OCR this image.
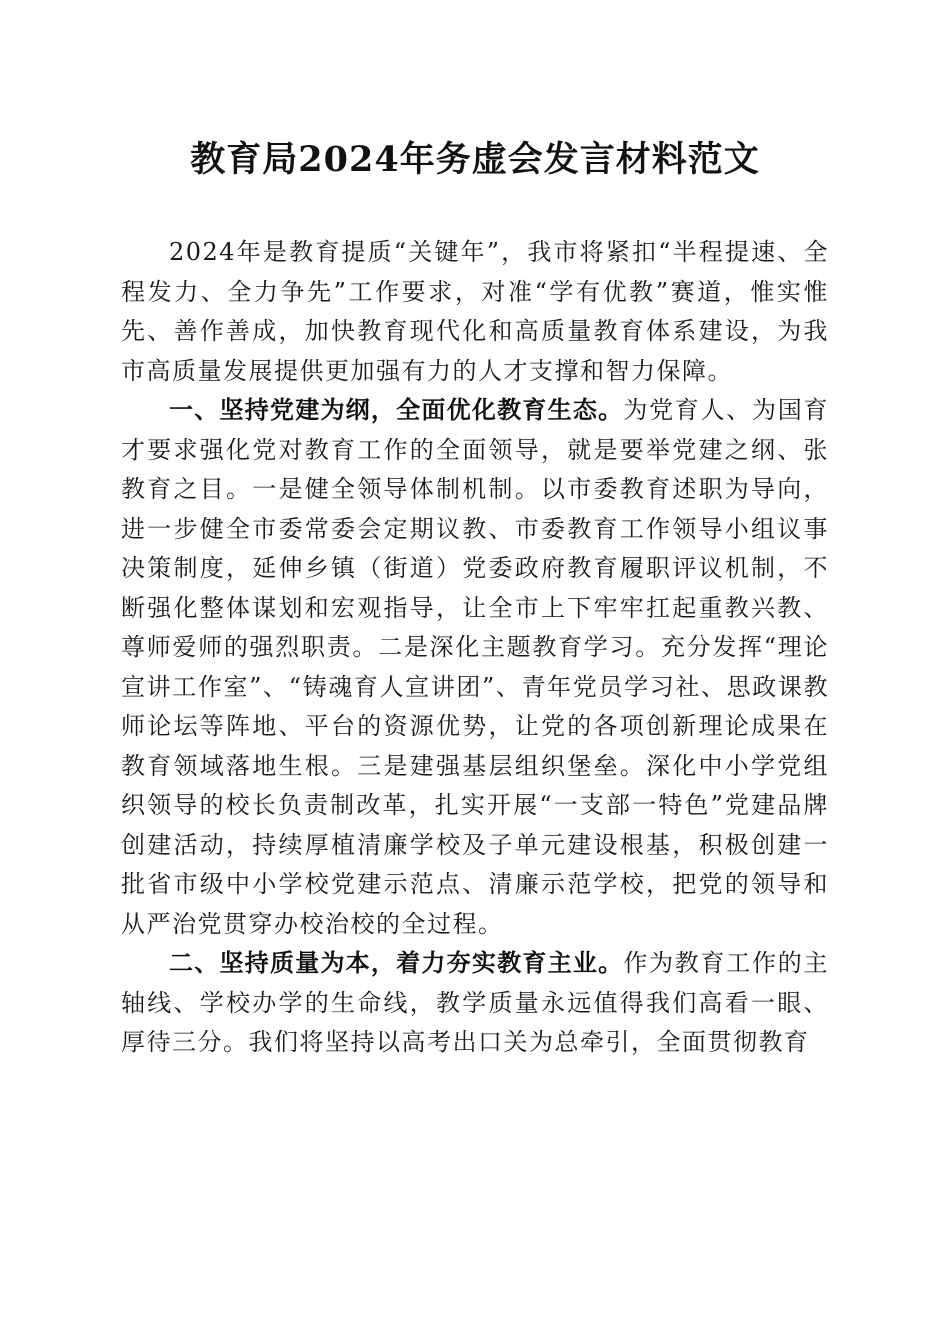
教育局2024年务虚会发言材料范文

2024年是教育提质“关键年”，我市将紧扣“半程提速、全程发力、全力争先”工作要求，对准“学有优教”赛道，惟实惟先、善作善成，加快教育现代化和高质量教育体系建设，为我市高质量发展提供更加强有力的人才支撑和智力保障。

一、坚持党建为纲，全面优化教育生态。为党育人、为国育才要求强化党对教育工作的全面领导，就是要举党建之纲、张教育之目。一是健全领导体制机制。以市委教育述职为导向，进一步健全市委常委会定期议教、市委教育工作领导小组议事决策制度，延伸乡镇（街道）党委政府教育履职评议机制，不断强化整体谋划和宏观指导，让全市上下牢牢扛起重教兴教、尊师爱师的强烈职责。二是深化主题教育学习。充分发挥“理论宣讲工作室”、“铸魂育人宣讲团”、青年党员学习社、思政课教师论坛等阵地、平台的资源优势，让党的各项创新理论成果在教育领域落地生根。三是建强基层组织堡垒。深化中小学党组织领导的校长负责制改革，扎实开展“一支部一特色”党建品牌创建活动，持续厚植清廉学校及子单元建设根基，积极创建一批省市级中小学校党建示范点、清廉示范学校，把党的领导和从严治党贯穿办校治校的全过程。

二、坚持质量为本，着力夯实教育主业。作为教育工作的主轴线、学校办学的生命线，教学质量永远值得我们高看一眼、厚待三分。我们将坚持以高考出口关为总牵引，全面贯彻教育
